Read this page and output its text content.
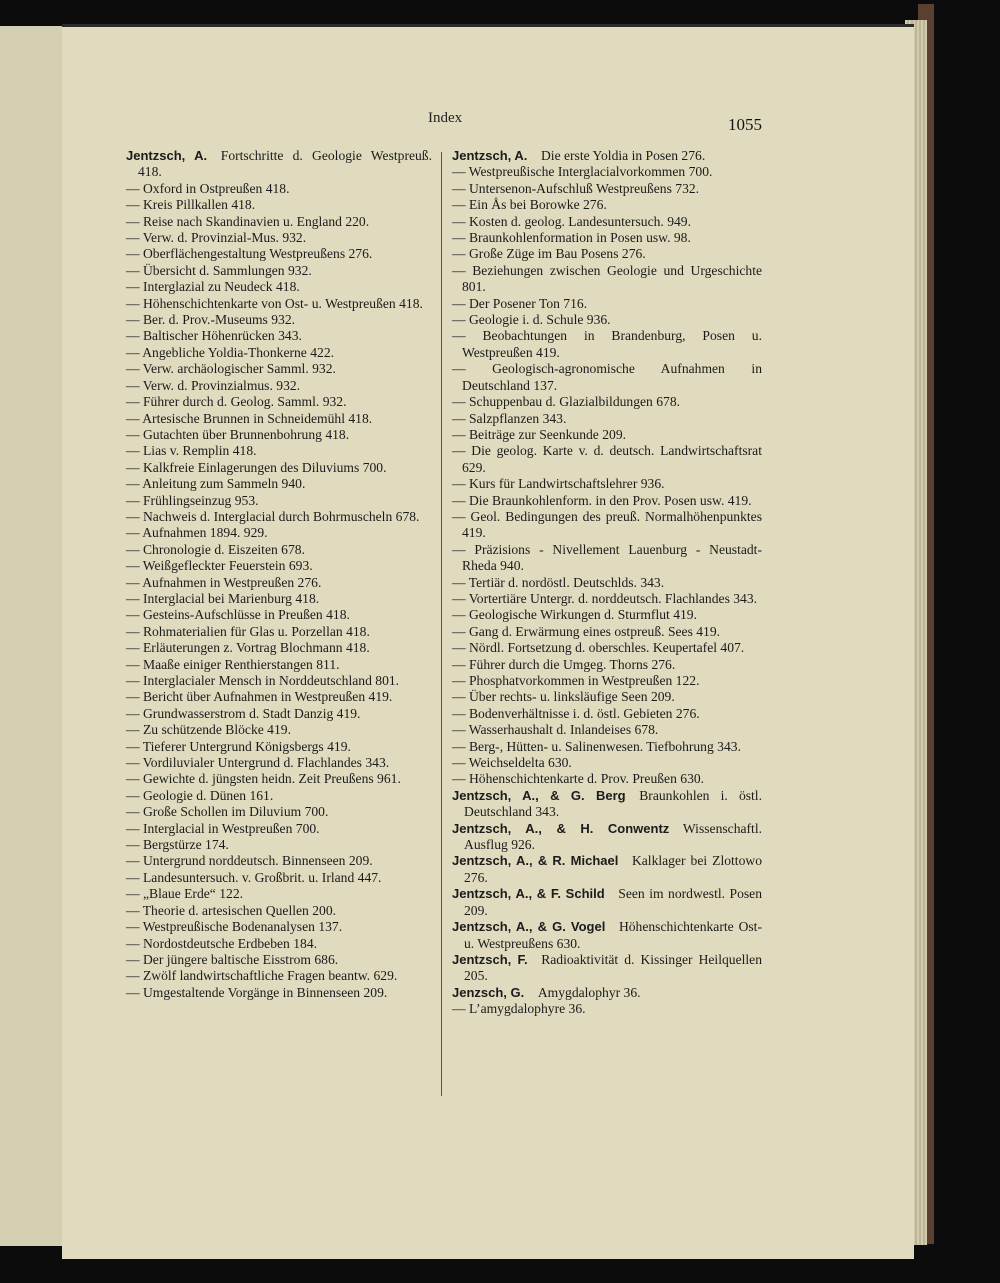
Index	1055

Jentzsch, A.  Fortschritte d. Geologie Westpreuß. 418.

— Oxford in Ostpreußen 418.

— Kreis Pillkallen 418.

— Reise nach Skandinavien u. England 220.

— Verw. d. Provinzial-Mus. 932.

— Oberflächengestaltung Westpreußens 276.

— Übersicht d. Sammlungen 932.

— Interglazial zu Neudeck 418.

— Höhenschichtenkarte von Ost- u. Westpreußen 418.

— Ber. d. Prov.-Museums 932.

— Baltischer Höhenrücken 343.

— Angebliche Yoldia-Thonkerne 422.

— Verw. archäologischer Samml. 932.

— Verw. d. Provinzialmus. 932.

— Führer durch d. Geolog. Samml. 932.

— Artesische Brunnen in Schneidemühl 418.

— Gutachten über Brunnenbohrung 418.

— Lias v. Remplin 418.

— Kalkfreie Einlagerungen des Diluviums 700.

— Anleitung zum Sammeln 940.

— Frühlingseinzug 953.

— Nachweis d. Interglacial durch Bohrmuscheln 678.

— Aufnahmen 1894. 929.

— Chronologie d. Eiszeiten 678.

— Weißgefleckter Feuerstein 693.

— Aufnahmen in Westpreußen 276.

— Interglacial bei Marienburg 418.

— Gesteins-Aufschlüsse in Preußen 418.

— Rohmaterialien für Glas u. Porzellan 418.

— Erläuterungen z. Vortrag Blochmann 418.

— Maaße einiger Renthierstangen 811.

— Interglacialer Mensch in Norddeutschland 801.

— Bericht über Aufnahmen in Westpreußen 419.

— Grundwasserstrom d. Stadt Danzig 419.

— Zu schützende Blöcke 419.

— Tieferer Untergrund Königsbergs 419.

— Vordiluvialer Untergrund d. Flachlandes 343.

— Gewichte d. jüngsten heidn. Zeit Preußens 961.

— Geologie d. Dünen 161.

— Große Schollen im Diluvium 700.

— Interglacial in Westpreußen 700.

— Bergstürze 174.

— Untergrund norddeutsch. Binnenseen 209.

— Landesuntersuch. v. Großbrit. u. Irland 447.

— „Blaue Erde“ 122.

— Theorie d. artesischen Quellen 200.

— Westpreußische Bodenanalysen 137.

— Nordostdeutsche Erdbeben 184.

— Der jüngere baltische Eisstrom 686.

— Zwölf landwirtschaftliche Fragen beantw. 629.

— Umgestaltende Vorgänge in Binnenseen 209.

Jentzsch, A.  Die erste Yoldia in Posen 276.

— Westpreußische Interglacialvorkommen 700.

— Untersenon-Aufschluß Westpreußens 732.

— Ein Ås bei Borowke 276.

— Kosten d. geolog. Landesuntersuch. 949.

— Braunkohlenformation in Posen usw. 98.

— Große Züge im Bau Posens 276.

— Beziehungen zwischen Geologie und Urgeschichte 801.

— Der Posener Ton 716.

— Geologie i. d. Schule 936.

— Beobachtungen in Brandenburg, Posen u. Westpreußen 419.

— Geologisch-agronomische Aufnahmen in Deutschland 137.

— Schuppenbau d. Glazialbildungen 678.

— Salzpflanzen 343.

— Beiträge zur Seenkunde 209.

— Die geolog. Karte v. d. deutsch. Landwirtschaftsrat 629.

— Kurs für Landwirtschaftslehrer 936.

— Die Braunkohlenform. in den Prov. Posen usw. 419.

— Geol. Bedingungen des preuß. Normalhöhenpunktes 419.

— Präzisions - Nivellement Lauenburg - Neustadt-Rheda 940.

— Tertiär d. nordöstl. Deutschlds. 343.

— Vortertiäre Untergr. d. norddeutsch. Flachlandes 343.

— Geologische Wirkungen d. Sturmflut 419.

— Gang d. Erwärmung eines ostpreuß. Sees 419.

— Nördl. Fortsetzung d. oberschles. Keupertafel 407.

— Führer durch die Umgeg. Thorns 276.

— Phosphatvorkommen in Westpreußen 122.

— Über rechts- u. linksläufige Seen 209.

— Bodenverhältnisse i. d. östl. Gebieten 276.

— Wasserhaushalt d. Inlandeises 678.

— Berg-, Hütten- u. Salinenwesen. Tiefbohrung 343.

— Weichseldelta 630.

— Höhenschichtenkarte d. Prov. Preußen 630.

Jentzsch, A., & G. Berg  Braunkohlen i. östl. Deutschland 343.

Jentzsch, A., & H. Conwentz  Wissenschaftl. Ausflug 926.

Jentzsch, A., & R. Michael  Kalklager bei Zlottowo 276.

Jentzsch, A., & F. Schild  Seen im nordwestl. Posen 209.

Jentzsch, A., & G. Vogel  Höhenschichtenkarte Ost- u. Westpreußens 630.

Jentzsch, F.  Radioaktivität d. Kissinger Heilquellen 205.

Jenzsch, G.  Amygdalophyr 36.

— L’amygdalophyre 36.
